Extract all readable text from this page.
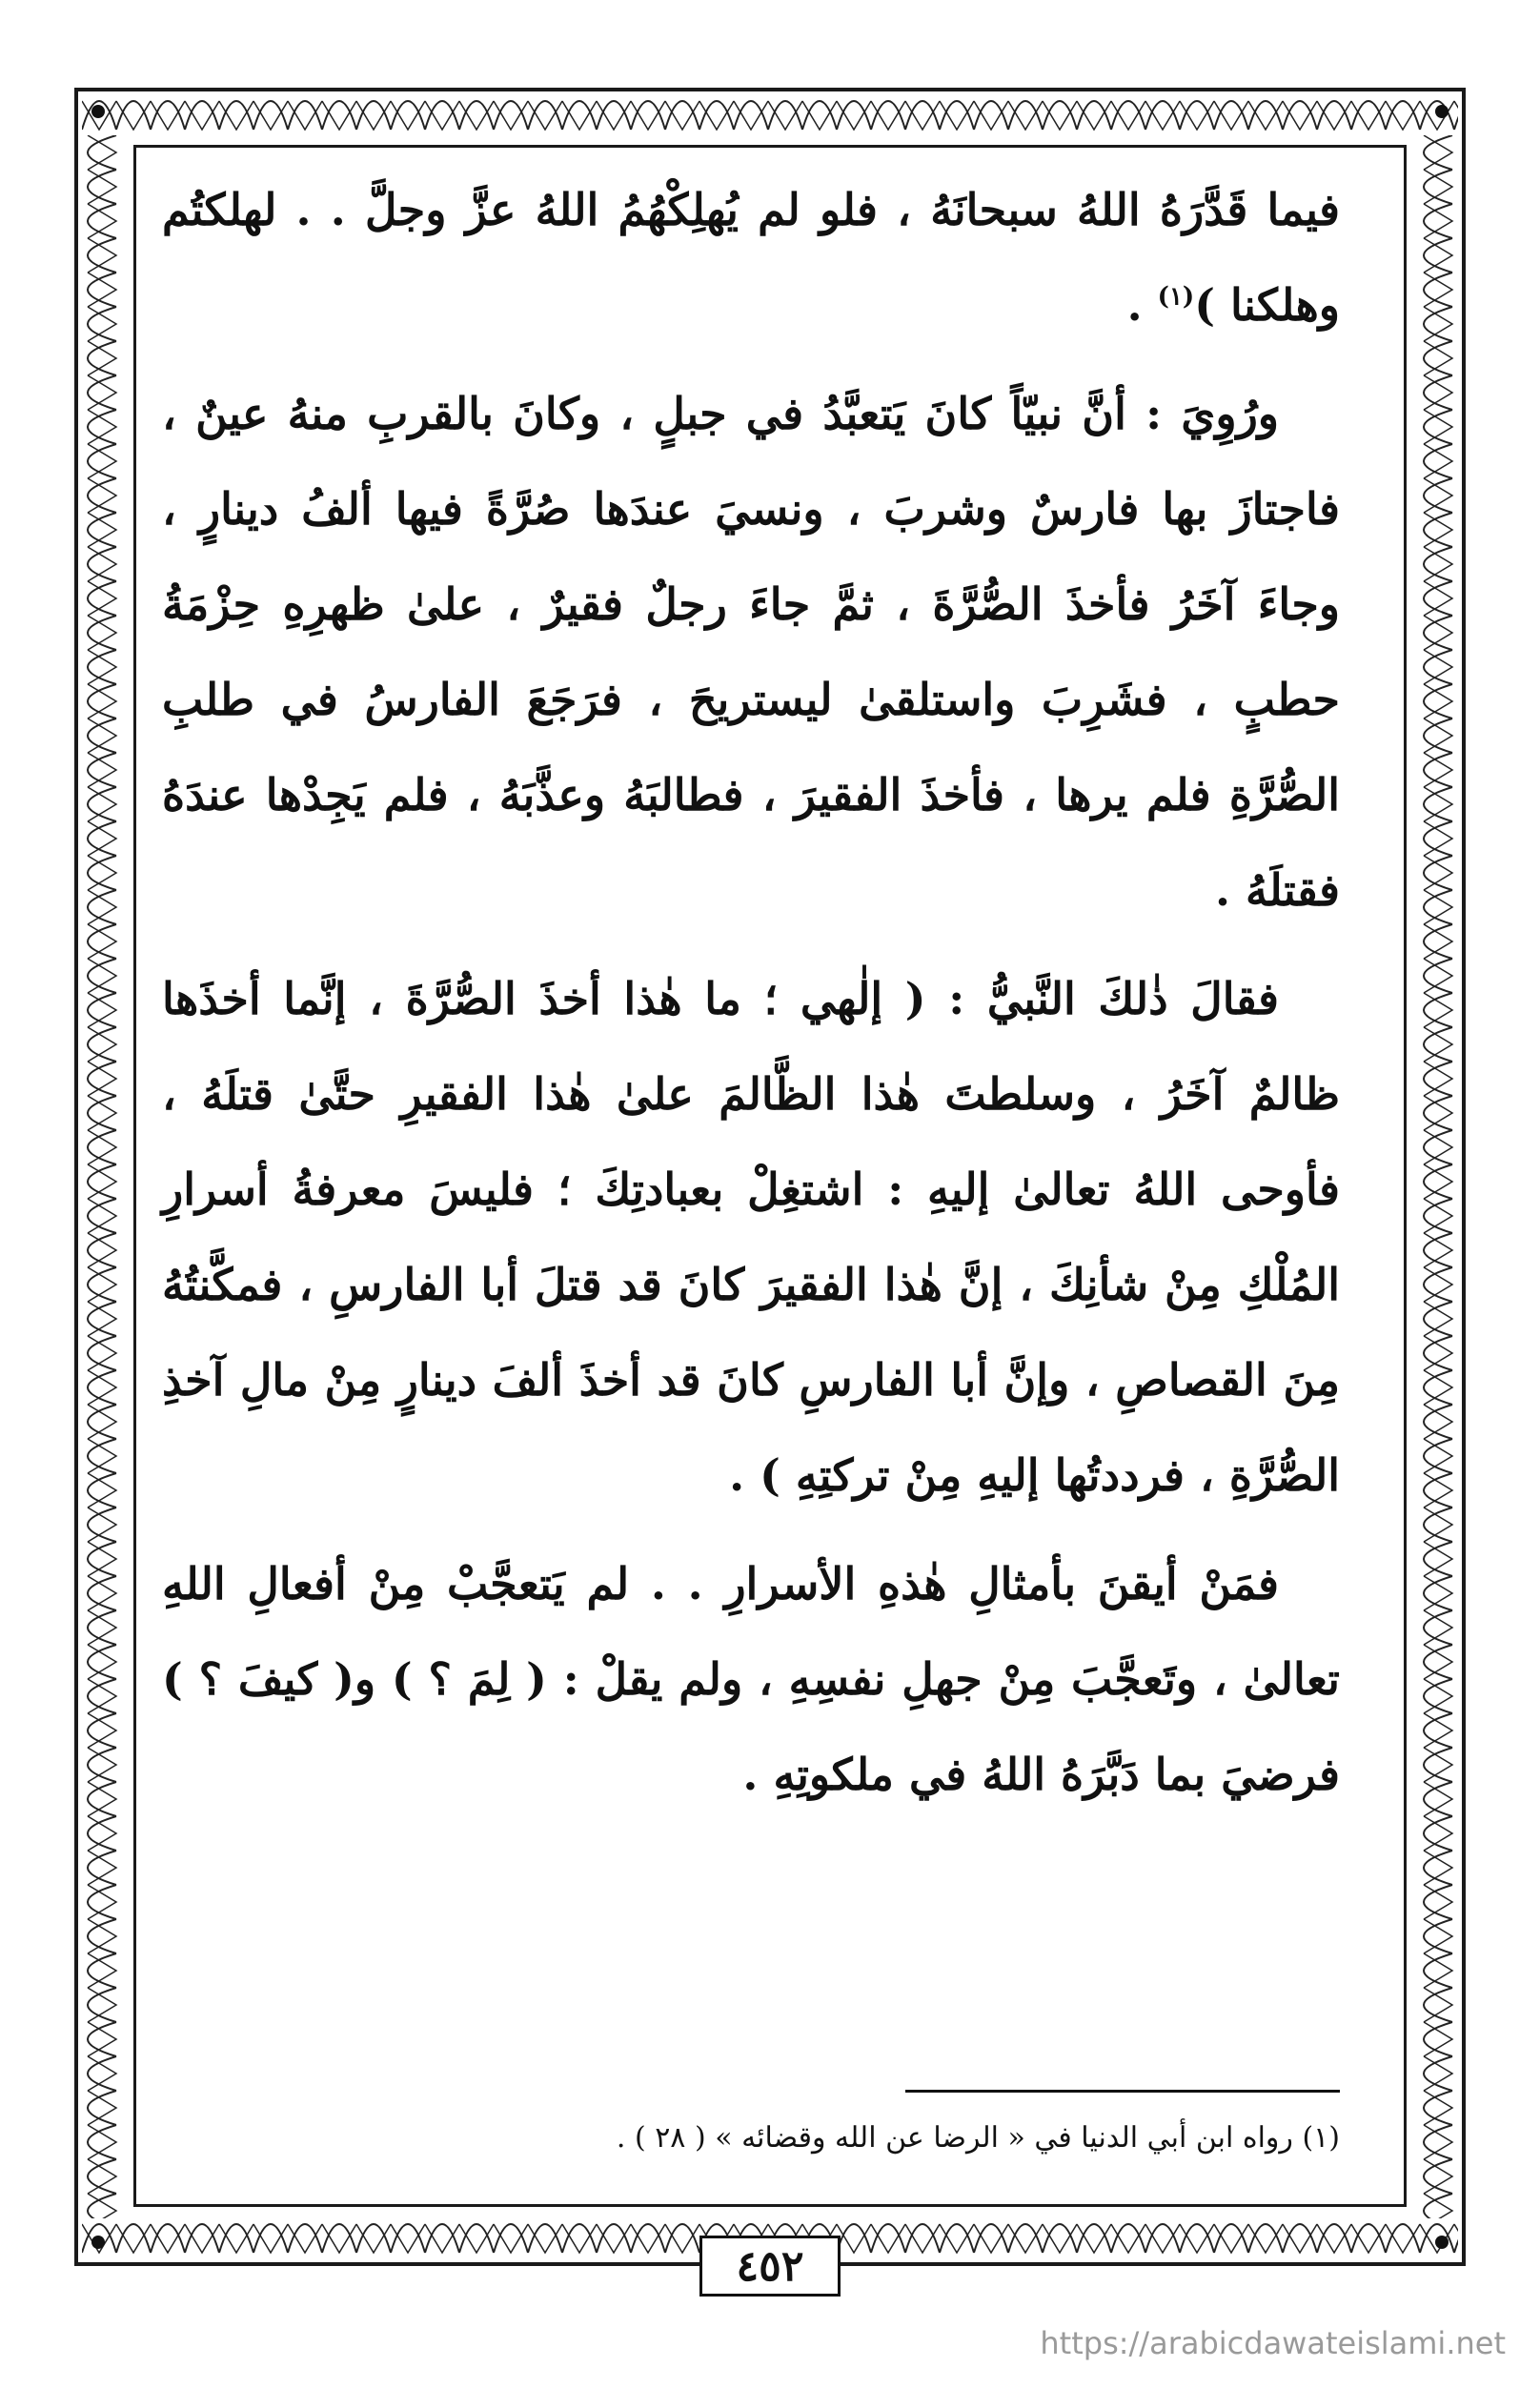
فيما قَدَّرَهُ اللهُ سبحانَهُ ، فلو لم يُهلِكْهُمُ اللهُ عزَّ وجلَّ . . لهلكتُم وهلكنا )$^{(١)}$ .

ورُوِيَ : أنَّ نبيّاً كانَ يَتعبَّدُ في جبلٍ ، وكانَ بالقربِ منهُ عينٌ ، فاجتازَ بها فارسٌ وشربَ ، ونسيَ عندَها صُرَّةً فيها ألفُ دينارٍ ، وجاءَ آخَرُ فأخذَ الصُّرَّةَ ، ثمَّ جاءَ رجلٌ فقيرٌ ، علىٰ ظهرِهِ حِزْمَةُ حطبٍ ، فشَرِبَ واستلقىٰ ليستريحَ ، فرَجَعَ الفارسُ في طلبِ الصُّرَّةِ فلم يرها ، فأخذَ الفقيرَ ، فطالبَهُ وعذَّبَهُ ، فلم يَجِدْها عندَهُ فقتلَهُ .

فقالَ ذٰلكَ النَّبيُّ : ( إلٰهي ؛ ما هٰذا أخذَ الصُّرَّةَ ، إنَّما أخذَها ظالمٌ آخَرُ ، وسلطتَ هٰذا الظَّالمَ علىٰ هٰذا الفقيرِ حتَّىٰ قتلَهُ ، فأوحى اللهُ تعالىٰ إليهِ : اشتغِلْ بعبادتِكَ ؛ فليسَ معرفةُ أسرارِ المُلْكِ مِنْ شأنِكَ ، إنَّ هٰذا الفقيرَ كانَ قد قتلَ أبا الفارسِ ، فمكَّنتُهُ مِنَ القصاصِ ، وإنَّ أبا الفارسِ كانَ قد أخذَ ألفَ دينارٍ مِنْ مالِ آخذِ الصُّرَّةِ ، فرددتُها إليهِ مِنْ تركتِهِ ) .

فمَنْ أيقنَ بأمثالِ هٰذهِ الأسرارِ . . لم يَتعجَّبْ مِنْ أفعالِ اللهِ تعالىٰ ، وتَعجَّبَ مِنْ جهلِ نفسِهِ ، ولم يقلْ : ( لِمَ ؟ ) و( كيفَ ؟ ) فرضيَ بما دَبَّرَهُ اللهُ في ملكوتِهِ .

(١) رواه ابن أبي الدنيا في « الرضا عن الله وقضائه » ( ٢٨ ) .
٤٥٢
https://arabicdawateislami.net
